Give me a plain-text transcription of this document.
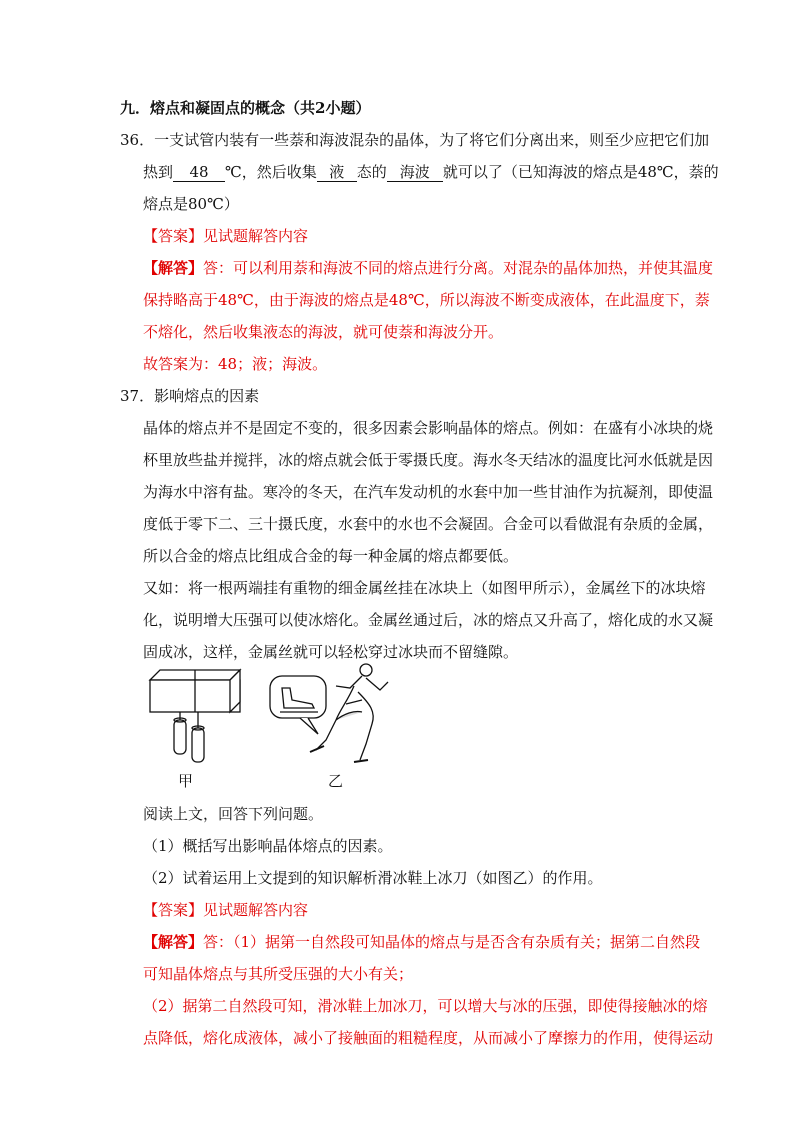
九．熔点和凝固点的概念（共2小题）
36．一支试管内装有一些萘和海波混杂的晶体，为了将它们分离出来，则至少应把它们加
热到 48 ℃，然后收集 液 态的 海波 就可以了（已知海波的熔点是48℃，萘的
熔点是80℃）
【答案】见试题解答内容
【解答】答：可以利用萘和海波不同的熔点进行分离。对混杂的晶体加热，并使其温度
保持略高于48℃，由于海波的熔点是48℃，所以海波不断变成液体，在此温度下，萘
不熔化，然后收集液态的海波，就可使萘和海波分开。
故答案为：48；液；海波。
37．影响熔点的因素
晶体的熔点并不是固定不变的，很多因素会影响晶体的熔点。例如：在盛有小冰块的烧
杯里放些盐并搅拌，冰的熔点就会低于零摄氏度。海水冬天结冰的温度比河水低就是因
为海水中溶有盐。寒冷的冬天，在汽车发动机的水套中加一些甘油作为抗凝剂，即使温
度低于零下二、三十摄氏度，水套中的水也不会凝固。合金可以看做混有杂质的金属，
所以合金的熔点比组成合金的每一种金属的熔点都要低。
又如：将一根两端挂有重物的细金属丝挂在冰块上（如图甲所示），金属丝下的冰块熔
化，说明增大压强可以使冰熔化。金属丝通过后，冰的熔点又升高了，熔化成的水又凝
固成冰，这样，金属丝就可以轻松穿过冰块而不留缝隙。
甲	乙
阅读上文，回答下列问题。
（1）概括写出影响晶体熔点的因素。
（2）试着运用上文提到的知识解析滑冰鞋上冰刀（如图乙）的作用。
【答案】见试题解答内容
【解答】答：（1）据第一自然段可知晶体的熔点与是否含有杂质有关；据第二自然段
可知晶体熔点与其所受压强的大小有关；
（2）据第二自然段可知，滑冰鞋上加冰刀，可以增大与冰的压强，即使得接触冰的熔
点降低，熔化成液体，减小了接触面的粗糙程度，从而减小了摩擦力的作用，使得运动
